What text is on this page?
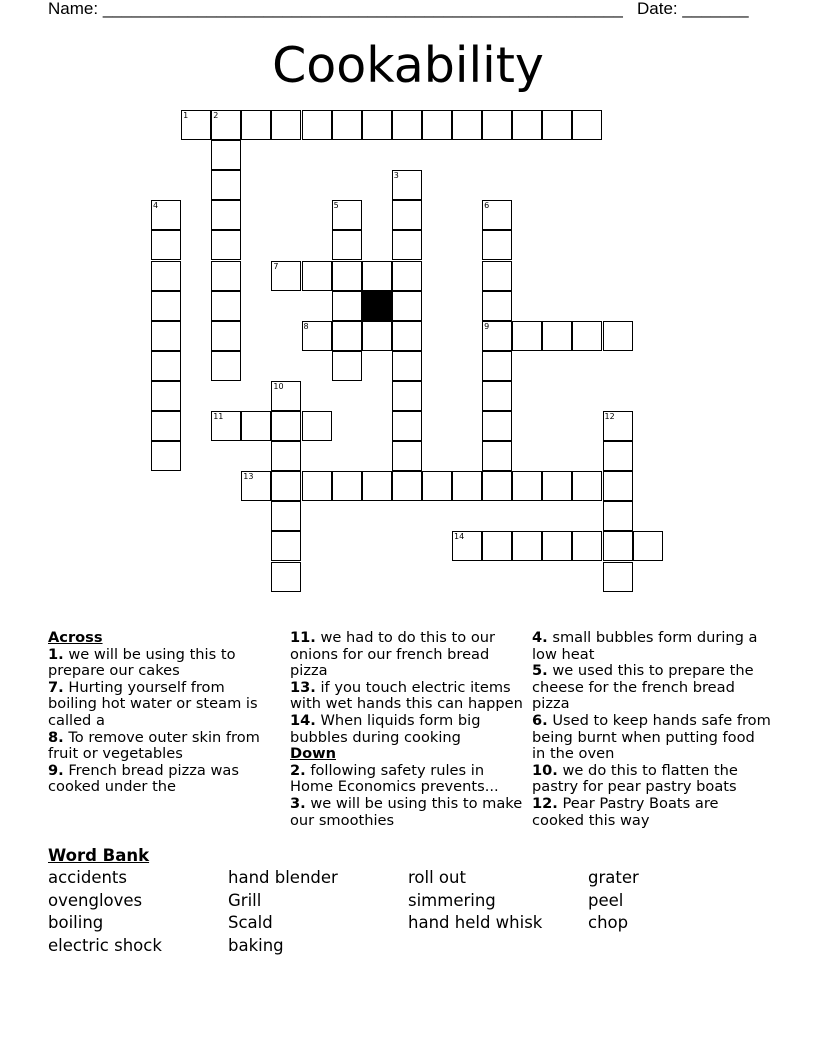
Name: _______________________________________________________ Date: _______
Cookability
1	2
3
4	5	6
7
8	9
10
11	12
13
14

Across

1. we will be using this to prepare our cakes

7. Hurting yourself from boiling hot water or steam is called a

8. To remove outer skin from fruit or vegetables

9. French bread pizza was cooked under the

11. we had to do this to our onions for our french bread pizza

13. if you touch electric items with wet hands this can happen

14. When liquids form big bubbles during cooking

Down

2. following safety rules in Home Economics prevents...

3. we will be using this to make our smoothies

4. small bubbles form during a low heat

5. we used this to prepare the cheese for the french bread pizza

6. Used to keep hands safe from being burnt when putting food in the oven

10. we do this to flatten the pastry for pear pastry boats

12. Pear Pastry Boats are cooked this way

Word Bank
accidents
ovengloves
boiling
electric shock
hand blender
Grill
Scald
baking
roll out
simmering
hand held whisk
grater
peel
chop
